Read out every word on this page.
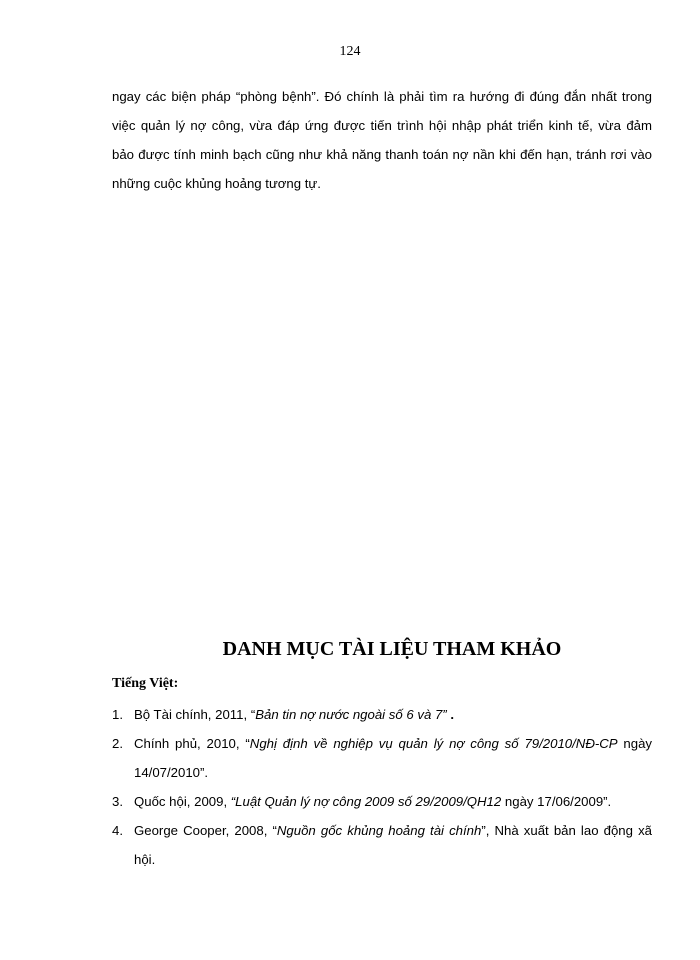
124
ngay các biện pháp “phòng bệnh”. Đó chính là phải tìm ra hướng đi đúng đắn nhất trong
việc quản lý nợ công, vừa đáp ứng được tiến trình hội nhập phát triển kinh tế, vừa đảm
bảo được tính minh bạch cũng như khả năng thanh toán nợ nần khi đến hạn, tránh rơi vào
những cuộc khủng hoảng tương tự.
DANH MỤC TÀI LIỆU THAM KHẢO
Tiếng Việt:
1. Bộ Tài chính, 2011, “Bản tin nợ nước ngoài số 6 và 7” .
2. Chính phủ, 2010, “Nghị định về nghiệp vụ quản lý nợ công số 79/2010/NĐ-CP ngày
14/07/2010”.
3. Quốc hội, 2009, “Luật Quản lý nợ công 2009 số 29/2009/QH12 ngày 17/06/2009”.
4. George Cooper, 2008, “Nguồn gốc khủng hoảng tài chính”, Nhà xuất bản lao động xã
hội.
